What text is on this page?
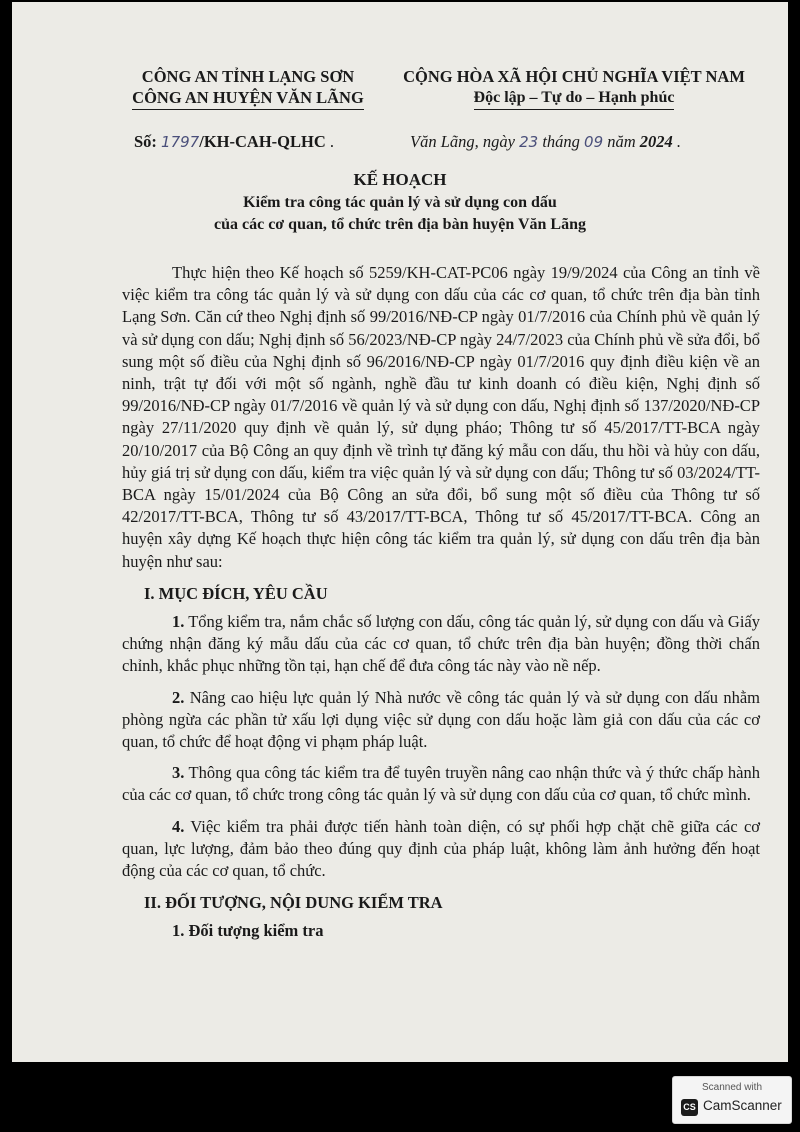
CÔNG AN TỈNH LẠNG SƠN
CÔNG AN HUYỆN VĂN LÃNG
CỘNG HÒA XÃ HỘI CHỦ NGHĨA VIỆT NAM
Độc lập – Tự do – Hạnh phúc
Số: 1797/KH-CAH-QLHC .	Văn Lãng, ngày 23 tháng 09 năm 2024 .
KẾ HOẠCH
Kiểm tra công tác quản lý và sử dụng con dấu
của các cơ quan, tổ chức trên địa bàn huyện Văn Lãng

Thực hiện theo Kế hoạch số 5259/KH-CAT-PC06 ngày 19/9/2024 của Công an tỉnh về việc kiểm tra công tác quản lý và sử dụng con dấu của các cơ quan, tổ chức trên địa bàn tỉnh Lạng Sơn. Căn cứ theo Nghị định số 99/2016/NĐ-CP ngày 01/7/2016 của Chính phủ về quản lý và sử dụng con dấu; Nghị định số 56/2023/NĐ-CP ngày 24/7/2023 của Chính phủ về sửa đổi, bổ sung một số điều của Nghị định số 96/2016/NĐ-CP ngày 01/7/2016 quy định điều kiện về an ninh, trật tự đối với một số ngành, nghề đầu tư kinh doanh có điều kiện, Nghị định số 99/2016/NĐ-CP ngày 01/7/2016 về quản lý và sử dụng con dấu, Nghị định số 137/2020/NĐ-CP ngày 27/11/2020 quy định về quản lý, sử dụng pháo; Thông tư số 45/2017/TT-BCA ngày 20/10/2017 của Bộ Công an quy định về trình tự đăng ký mẫu con dấu, thu hồi và hủy con dấu, hủy giá trị sử dụng con dấu, kiểm tra việc quản lý và sử dụng con dấu; Thông tư số 03/2024/TT-BCA ngày 15/01/2024 của Bộ Công an sửa đổi, bổ sung một số điều của Thông tư số 42/2017/TT-BCA, Thông tư số 43/2017/TT-BCA, Thông tư số 45/2017/TT-BCA. Công an huyện xây dựng Kế hoạch thực hiện công tác kiểm tra quản lý, sử dụng con dấu trên địa bàn huyện như sau:

I. MỤC ĐÍCH, YÊU CẦU

1. Tổng kiểm tra, nắm chắc số lượng con dấu, công tác quản lý, sử dụng con dấu và Giấy chứng nhận đăng ký mẫu dấu của các cơ quan, tổ chức trên địa bàn huyện; đồng thời chấn chỉnh, khắc phục những tồn tại, hạn chế để đưa công tác này vào nề nếp.

2. Nâng cao hiệu lực quản lý Nhà nước về công tác quản lý và sử dụng con dấu nhằm phòng ngừa các phần tử xấu lợi dụng việc sử dụng con dấu hoặc làm giả con dấu của các cơ quan, tổ chức để hoạt động vi phạm pháp luật.

3. Thông qua công tác kiểm tra để tuyên truyền nâng cao nhận thức và ý thức chấp hành của các cơ quan, tổ chức trong công tác quản lý và sử dụng con dấu của cơ quan, tổ chức mình.

4. Việc kiểm tra phải được tiến hành toàn diện, có sự phối hợp chặt chẽ giữa các cơ quan, lực lượng, đảm bảo theo đúng quy định của pháp luật, không làm ảnh hưởng đến hoạt động của các cơ quan, tổ chức.

II. ĐỐI TƯỢNG, NỘI DUNG KIỂM TRA
1. Đối tượng kiểm tra
Scanned with
CS CamScanner
